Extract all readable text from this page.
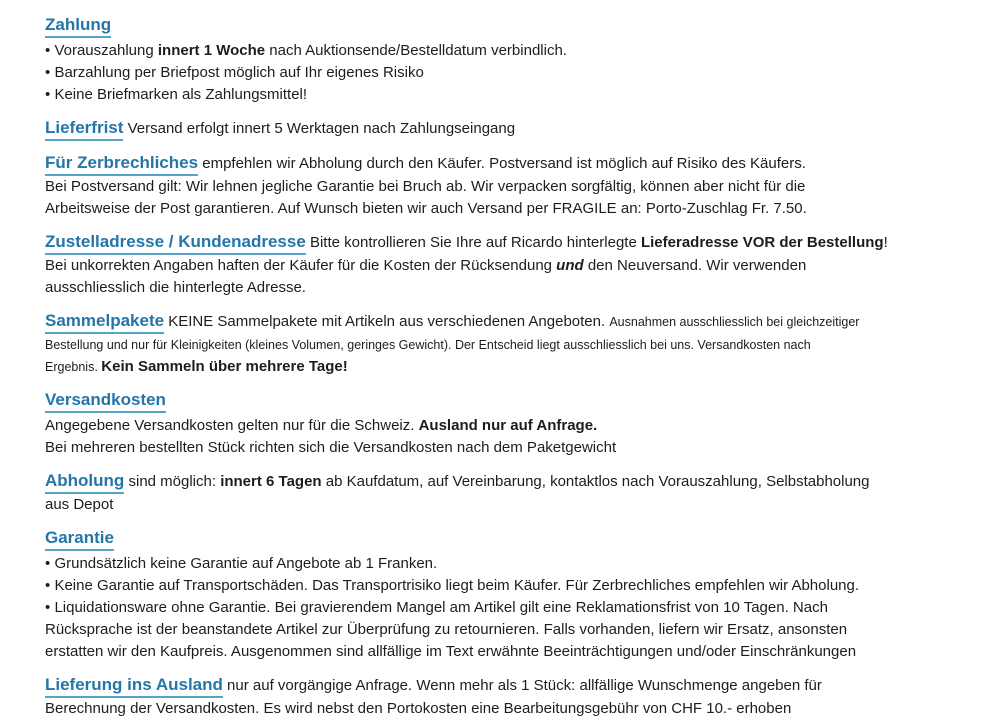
Zahlung
• Vorauszahlung innert 1 Woche nach Auktionsende/Bestelldatum verbindlich.
• Barzahlung per Briefpost möglich auf Ihr eigenes Risiko
• Keine Briefmarken als Zahlungsmittel!
Lieferfrist Versand erfolgt innert 5 Werktagen nach Zahlungseingang
Für Zerbrechliches empfehlen wir Abholung durch den Käufer. Postversand ist möglich auf Risiko des Käufers.
Bei Postversand gilt: Wir lehnen jegliche Garantie bei Bruch ab. Wir verpacken sorgfältig, können aber nicht für die
Arbeitsweise der Post garantieren. Auf Wunsch bieten wir auch Versand per FRAGILE an: Porto-Zuschlag Fr. 7.50.
Zustelladresse / Kundenadresse Bitte kontrollieren Sie Ihre auf Ricardo hinterlegte Lieferadresse VOR der Bestellung!
Bei unkorrekten Angaben haften der Käufer für die Kosten der Rücksendung und den Neuversand. Wir verwenden
ausschliesslich die hinterlegte Adresse.
Sammelpakete KEINE Sammelpakete mit Artikeln aus verschiedenen Angeboten. Ausnahmen ausschliesslich bei gleichzeitiger
Bestellung und nur für Kleinigkeiten (kleines Volumen, geringes Gewicht). Der Entscheid liegt ausschliesslich bei uns. Versandkosten nach
Ergebnis. Kein Sammeln über mehrere Tage!
Versandkosten
Angegebene Versandkosten gelten nur für die Schweiz. Ausland nur auf Anfrage.
Bei mehreren bestellten Stück richten sich die Versandkosten nach dem Paketgewicht
Abholung sind möglich: innert 6 Tagen ab Kaufdatum, auf Vereinbarung, kontaktlos nach Vorauszahlung, Selbstabholung
aus Depot
Garantie
• Grundsätzlich keine Garantie auf Angebote ab 1 Franken.
• Keine Garantie auf Transportschäden. Das Transportrisiko liegt beim Käufer. Für Zerbrechliches empfehlen wir Abholung.
• Liquidationsware ohne Garantie. Bei gravierendem Mangel am Artikel gilt eine Reklamationsfrist von 10 Tagen. Nach
Rücksprache ist der beanstandete Artikel zur Überprüfung zu retournieren. Falls vorhanden, liefern wir Ersatz, ansonsten
erstatten wir den Kaufpreis. Ausgenommen sind allfällige im Text erwähnte Beeinträchtigungen und/oder Einschränkungen
Lieferung ins Ausland nur auf vorgängige Anfrage. Wenn mehr als 1 Stück: allfällige Wunschmenge angeben für
Berechnung der Versandkosten. Es wird nebst den Portokosten eine Bearbeitungsgebühr von CHF 10.- erhoben
